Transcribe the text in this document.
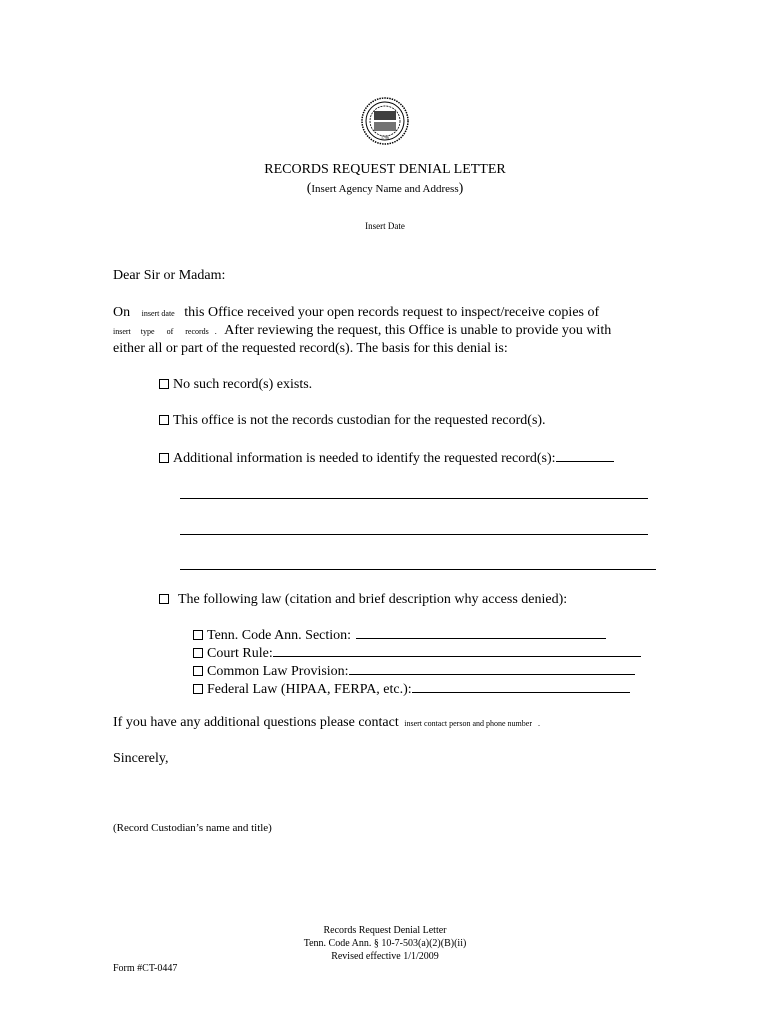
1796
RECORDS REQUEST DENIAL LETTER
(Insert Agency Name and Address)
Insert Date
Dear Sir or Madam:
On insert date this Office received your open records request to inspect/receive copies of
insert type of records . After reviewing the request, this Office is unable to provide you with
either all or part of the requested record(s). The basis for this denial is:
No such record(s) exists.
This office is not the records custodian for the requested record(s).
Additional information is needed to identify the requested record(s):
The following law (citation and brief description why access denied):
Tenn. Code Ann. Section:
Court Rule:
Common Law Provision:
Federal Law (HIPAA, FERPA, etc.):
If you have any additional questions please contact insert contact person and phone number .
Sincerely,
(Record Custodian’s name and title)
Records Request Denial Letter
Tenn. Code Ann. § 10-7-503(a)(2)(B)(ii)
Revised effective 1/1/2009
Form #CT-0447
